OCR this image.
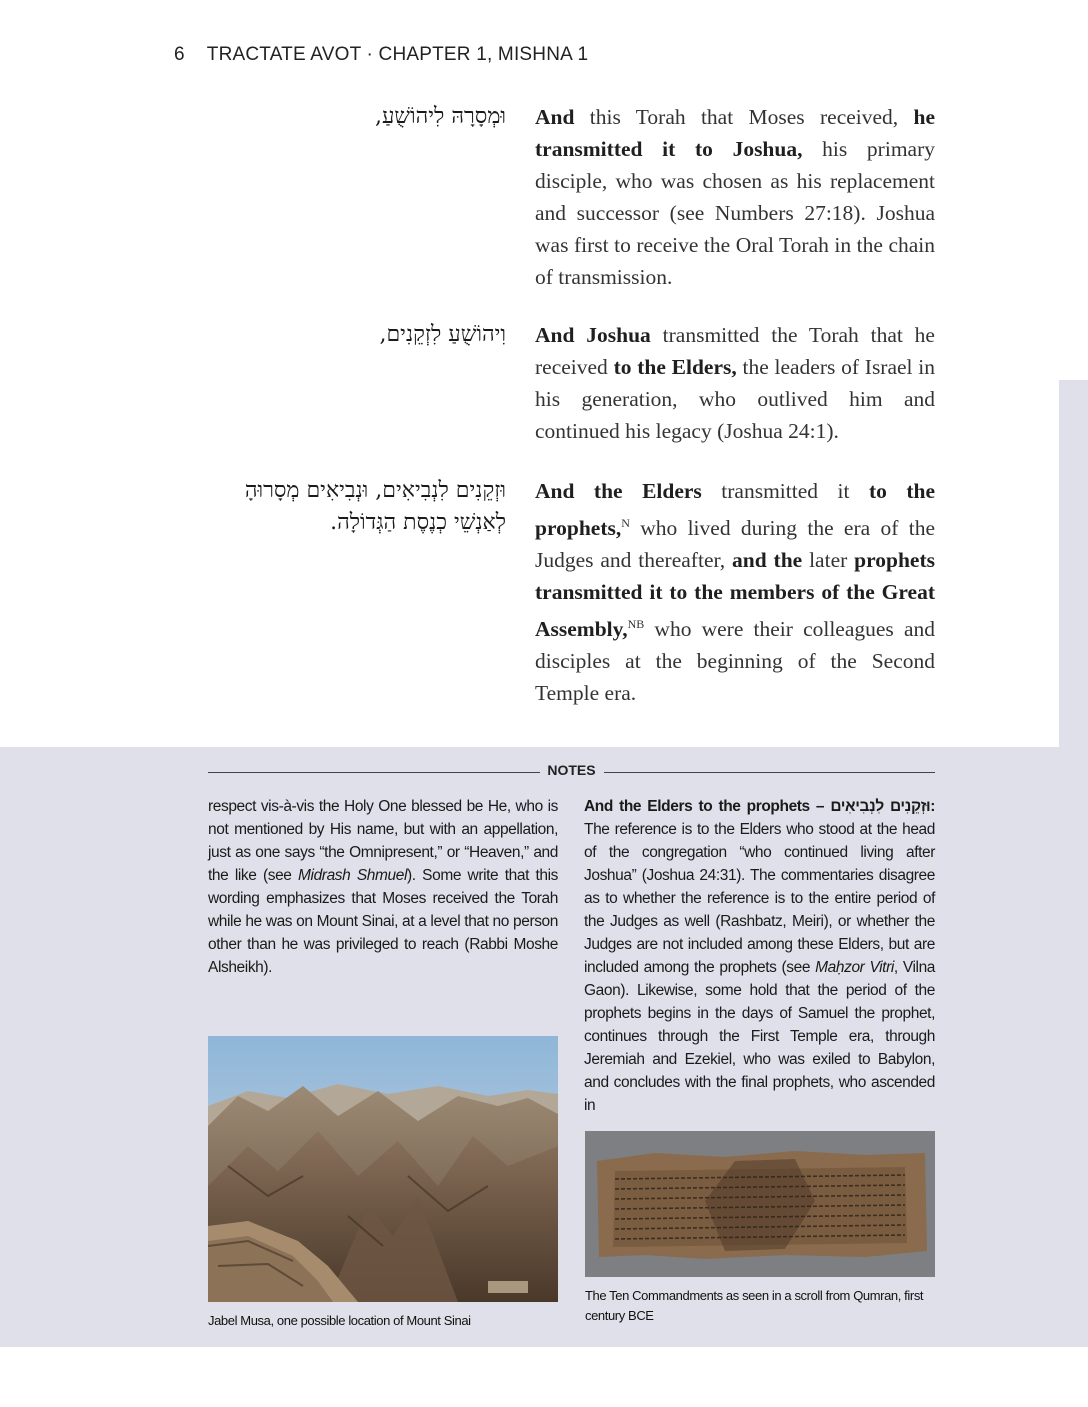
6 TRACTATE AVOT · CHAPTER 1, MISHNA 1
וּמְסָרָהּ לִיהוֹשֻׁעַ, And this Torah that Moses received, he transmitted it to Joshua, his primary disciple, who was chosen as his replacement and successor (see Numbers 27:18). Joshua was first to receive the Oral Torah in the chain of transmission.
וִיהוֹשֻׁעַ לִזְקֵנִים, And Joshua transmitted the Torah that he received to the Elders, the leaders of Israel in his generation, who outlived him and continued his legacy (Joshua 24:1).
וּזְקֵנִים לִנְבִיאִים, וּנְבִיאִים מְסָרוּהָ
לְאַנְשֵׁי כְנֶסֶת הַגְּדוֹלָה.
And the Elders transmitted it to the prophets,$^N$ who lived during the era of the Judges and thereafter, and the later prophets transmitted it to the members of the Great Assembly,$^{NB}$ who were their colleagues and disciples at the beginning of the Second Temple era.
NOTES
respect vis-à-vis the Holy One blessed be He, who is not mentioned by His name, but with an appellation, just as one says “the Omnipresent,” or “Heaven,” and the like (see Midrash Shmuel). Some write that this wording emphasizes that Moses received the Torah while he was on Mount Sinai, at a level that no person other than he was privileged to reach (Rabbi Moshe Alsheikh).
And the Elders to the prophets – וּזְקֵנִים לִנְבִיאִים: The reference is to the Elders who stood at the head of the congregation “who continued living after Joshua” (Joshua 24:31). The commentaries disagree as to whether the reference is to the entire period of the Judges as well (Rashbatz, Meiri), or whether the Judges are not included among these Elders, but are included among the prophets (see Maḥzor Vitri, Vilna Gaon). Likewise, some hold that the period of the prophets begins in the days of Samuel the prophet, continues through the First Temple era, through Jeremiah and Ezekiel, who was exiled to Babylon, and concludes with the final prophets, who ascended in
Jabel Musa, one possible location of Mount Sinai
The Ten Commandments as seen in a scroll from Qumran, first century BCE
